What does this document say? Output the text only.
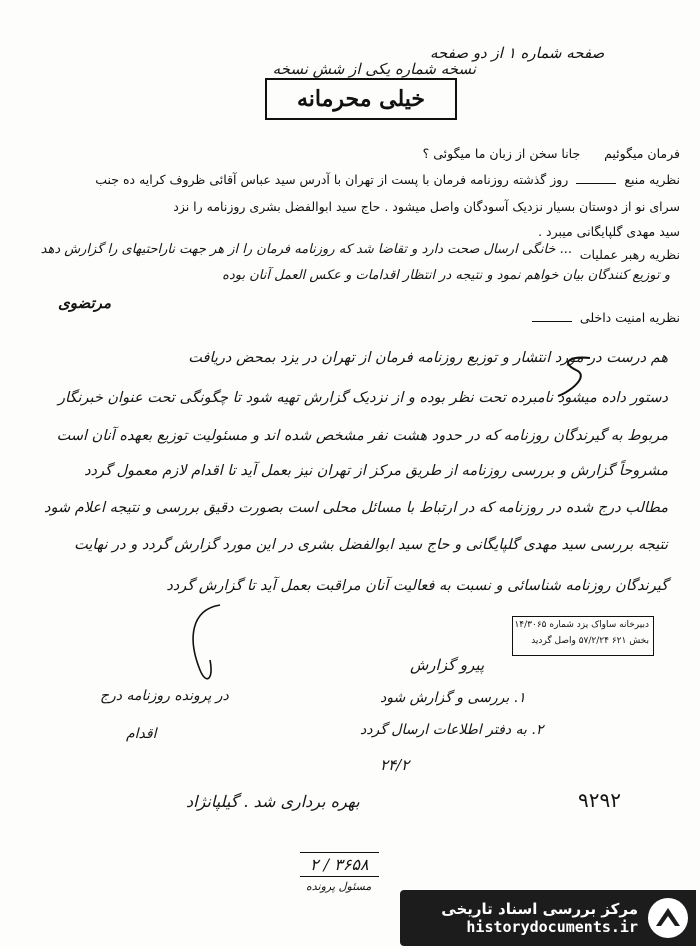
صفحه شماره ۱ از دو صفحه
نسخه شماره یکی از شش نسخه
خیلی محرمانه
فرمان میگوئیم      جانا سخن از زبان ما میگوئی ؟
نظریه منبع  روز گذشته روزنامه فرمان با پست از تهران با آدرس سید عباس آقائی ظروف کرایه ده جنب
سرای نو از دوستان بسیار نزدیک آسودگان واصل میشود . حاج سید ابوالفضل بشری روزنامه را نزد
سید مهدی گلپایگانی میبرد .
نظریه رهبر عملیات
... خانگی ارسال صحت دارد و تقاضا شد که روزنامه فرمان را از هر جهت ناراحتیهای را گزارش دهد
و توزیع کنندگان بیان خواهم نمود و نتیجه در انتظار اقدامات و عکس العمل آنان بوده
مرتضوی
نظریه امنیت داخلی
هم درست در مورد انتشار و توزیع روزنامه فرمان از تهران در یزد بمحض دریافت
دستور داده میشود نامبرده تحت نظر بوده و از نزدیک گزارش تهیه شود تا چگونگی تحت عنوان خبرنگار
مربوط به گیرندگان روزنامه که در حدود هشت نفر مشخص شده اند و مسئولیت توزیع بعهده آنان است
مشروحاً گزارش و بررسی روزنامه از طریق مرکز از تهران نیز بعمل آید تا اقدام لازم معمول گردد
مطالب درج شده در روزنامه که در ارتباط با مسائل محلی است بصورت دقیق بررسی و نتیجه اعلام شود
نتیجه بررسی سید مهدی گلپایگانی و حاج سید ابوالفضل بشری در این مورد گزارش گردد و در نهایت
گیرندگان روزنامه شناسائی و نسبت به فعالیت آنان مراقبت بعمل آید تا گزارش گردد
دبیرخانه ساواک یزد شماره ۱۴/۳۰۶۵
بخش ۶۲۱ ۵۷/۲/۲۴ واصل گردید
در پرونده روزنامه درج
اقدام
پیرو گزارش
۱. بررسی و گزارش شود
۲. به دفتر اطلاعات ارسال گردد
۲۴/۲
۹۲۹۲
بهره برداری شد . گیلپانژاد
۳۶۵۸ / ۲
مسئول پرونده
مرکز بررسی اسناد تاریخی
historydocuments.ir
